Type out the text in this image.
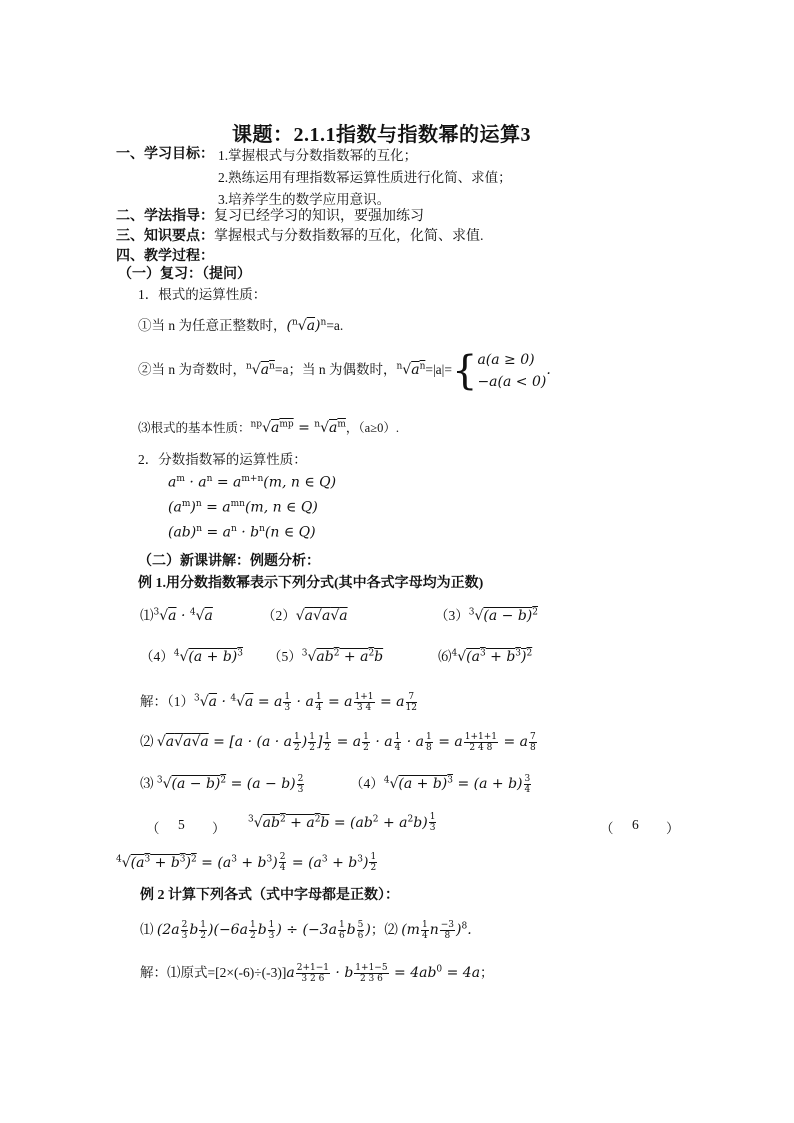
课题：2.1.1指数与指数幂的运算3
一、学习目标： 1.掌握根式与分数指数幂的互化；
2.熟练运用有理指数幂运算性质进行化简、求值；
3.培养学生的数学应用意识。
二、学法指导：复习已经学习的知识，要强加练习
三、知识要点：掌握根式与分数指数幂的互化，化简、求值.
四、教学过程：
（一）复习：（提问）
1．根式的运算性质：
①当 n 为任意正整数时，$(^n√a)^n=a$.
②当 n 为奇数时，$^n√a^n=a$；当 n 为偶数时，$^n√a^n=|a|=${ a(a ≥ 0)
−a(a < 0)
.
⑶根式的基本性质：$^{np}√a^{mp} = ^n√a^m$，（a≥0）.
2．分数指数幂的运算性质：
$a^m \cdot a^n = a^{m+n}(m$, n ∈ Q)
$(a^m)^n = a^{mn}(m$, n ∈ Q)
$(ab)^n = a^n \cdot b^n(n$ ∈ Q)
（二）新课讲解：例题分析：
例 1.用分数指数幂表示下列分式(其中各式字母均为正数)
⑴$^3$√a · $^4$√a	（2）√a√a√a	$(3)^3√(a - b)^2$
$(4)^4√(a + b)^3$ $(5)^3√ab^2 + a^2b$	$⑹^4√(a^3 + b^3)^2$
解：$(1)^3√a \cdot ^4√a = a \frac{1}{3} \cdot a \frac{1}{4} = a \frac{1+1}{3 4} = a \frac{7}{12}$
⑵ √a√a√a = [a · (a · a $\frac{1}{2}$ ) $\frac{1}{2}$ ] $\frac{1}{2} = a \frac{1}{2} \cdot a \frac{1}{4} \cdot a \frac{1}{8} = a \frac{1+1+1}{2 4 8} = a \frac{7}{8}$
⑶ $^3√(a - b)^2 = (a - b) \frac{2}{3}$	$(4)^4√(a + b)^3 = (a + b) \frac{3}{4}$
（ 5 ）
$^3√ab^2 + a^2b = (ab^2 + a^2b) \frac{1}{3}$	（ 6 ）
$^4√(a^3 + b^3)^2 = (a^3 + b^3) \frac{2}{4} = (a^3 + b^3) \frac{1}{2}$
例 2 计算下列各式（式中字母都是正数）：
⑴ ($2a \frac{2}{3}$ b $\frac{1}{2} )(-6a \frac{1}{2}$ b $\frac{1}{3}$ ) ÷ ($-3a \frac{1}{6}$ b $\frac{5}{6}$ )；⑵ ($m \frac{1}{4}$ n $\frac{-3}{8} )^8$.
解：⑴原式$=[2\times(-6)\div(-3)]a \frac{2+1-1}{3 2 6} \cdot b \frac{1+1-5}{2 3 6} = 4ab^0 = 4a$；
